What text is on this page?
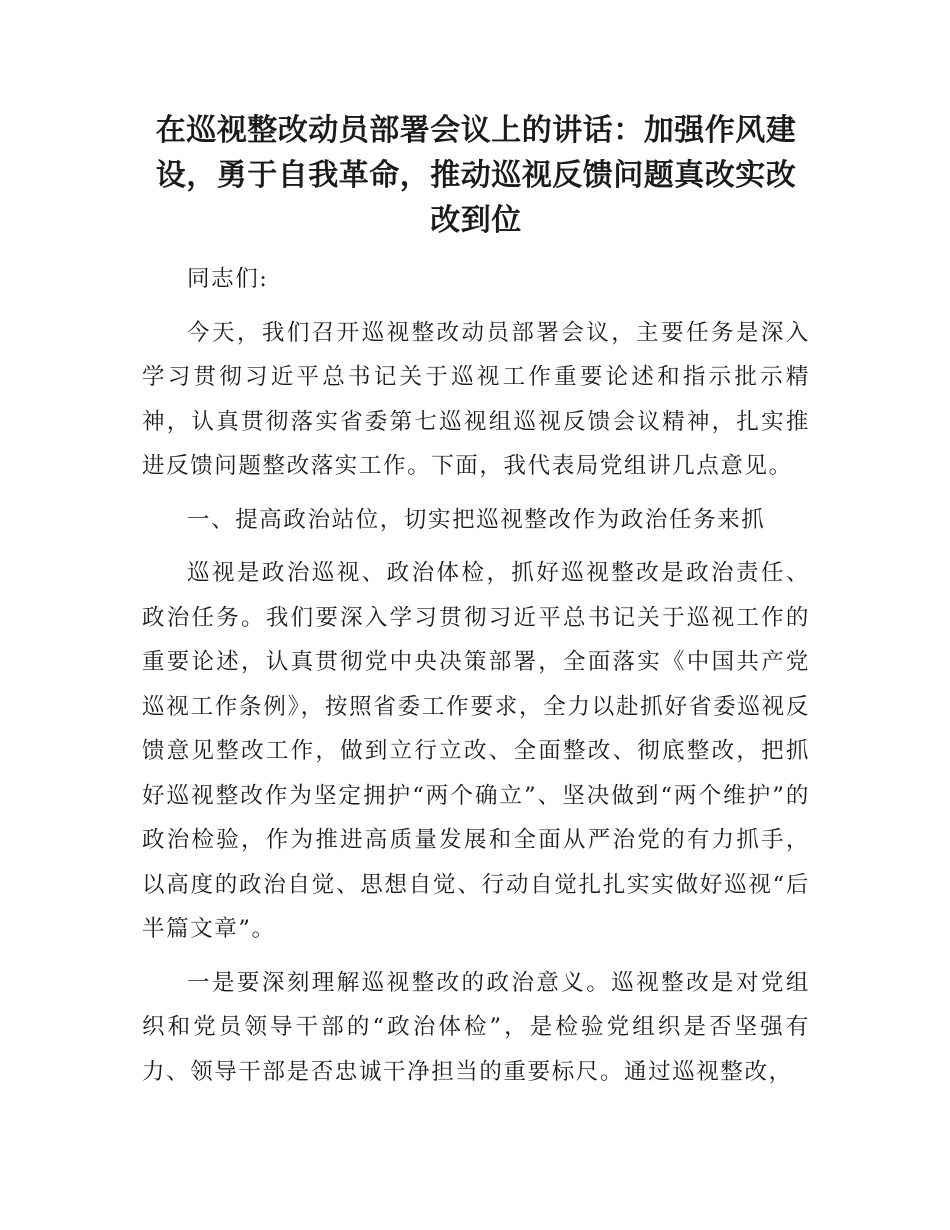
在巡视整改动员部署会议上的讲话：加强作风建设，勇于自我革命，推动巡视反馈问题真改实改改到位
同志们:
今天，我们召开巡视整改动员部署会议，主要任务是深入学习贯彻习近平总书记关于巡视工作重要论述和指示批示精神，认真贯彻落实省委第七巡视组巡视反馈会议精神，扎实推进反馈问题整改落实工作。下面，我代表局党组讲几点意见。
一、提高政治站位，切实把巡视整改作为政治任务来抓
巡视是政治巡视、政治体检，抓好巡视整改是政治责任、政治任务。我们要深入学习贯彻习近平总书记关于巡视工作的重要论述，认真贯彻党中央决策部署，全面落实《中国共产党巡视工作条例》，按照省委工作要求，全力以赴抓好省委巡视反馈意见整改工作，做到立行立改、全面整改、彻底整改，把抓好巡视整改作为坚定拥护“两个确立”、坚决做到“两个维护”的政治检验，作为推进高质量发展和全面从严治党的有力抓手，以高度的政治自觉、思想自觉、行动自觉扎扎实实做好巡视“后半篇文章”。
一是要深刻理解巡视整改的政治意义。巡视整改是对党组织和党员领导干部的“政治体检”，是检验党组织是否坚强有力、领导干部是否忠诚干净担当的重要标尺。通过巡视整改，
